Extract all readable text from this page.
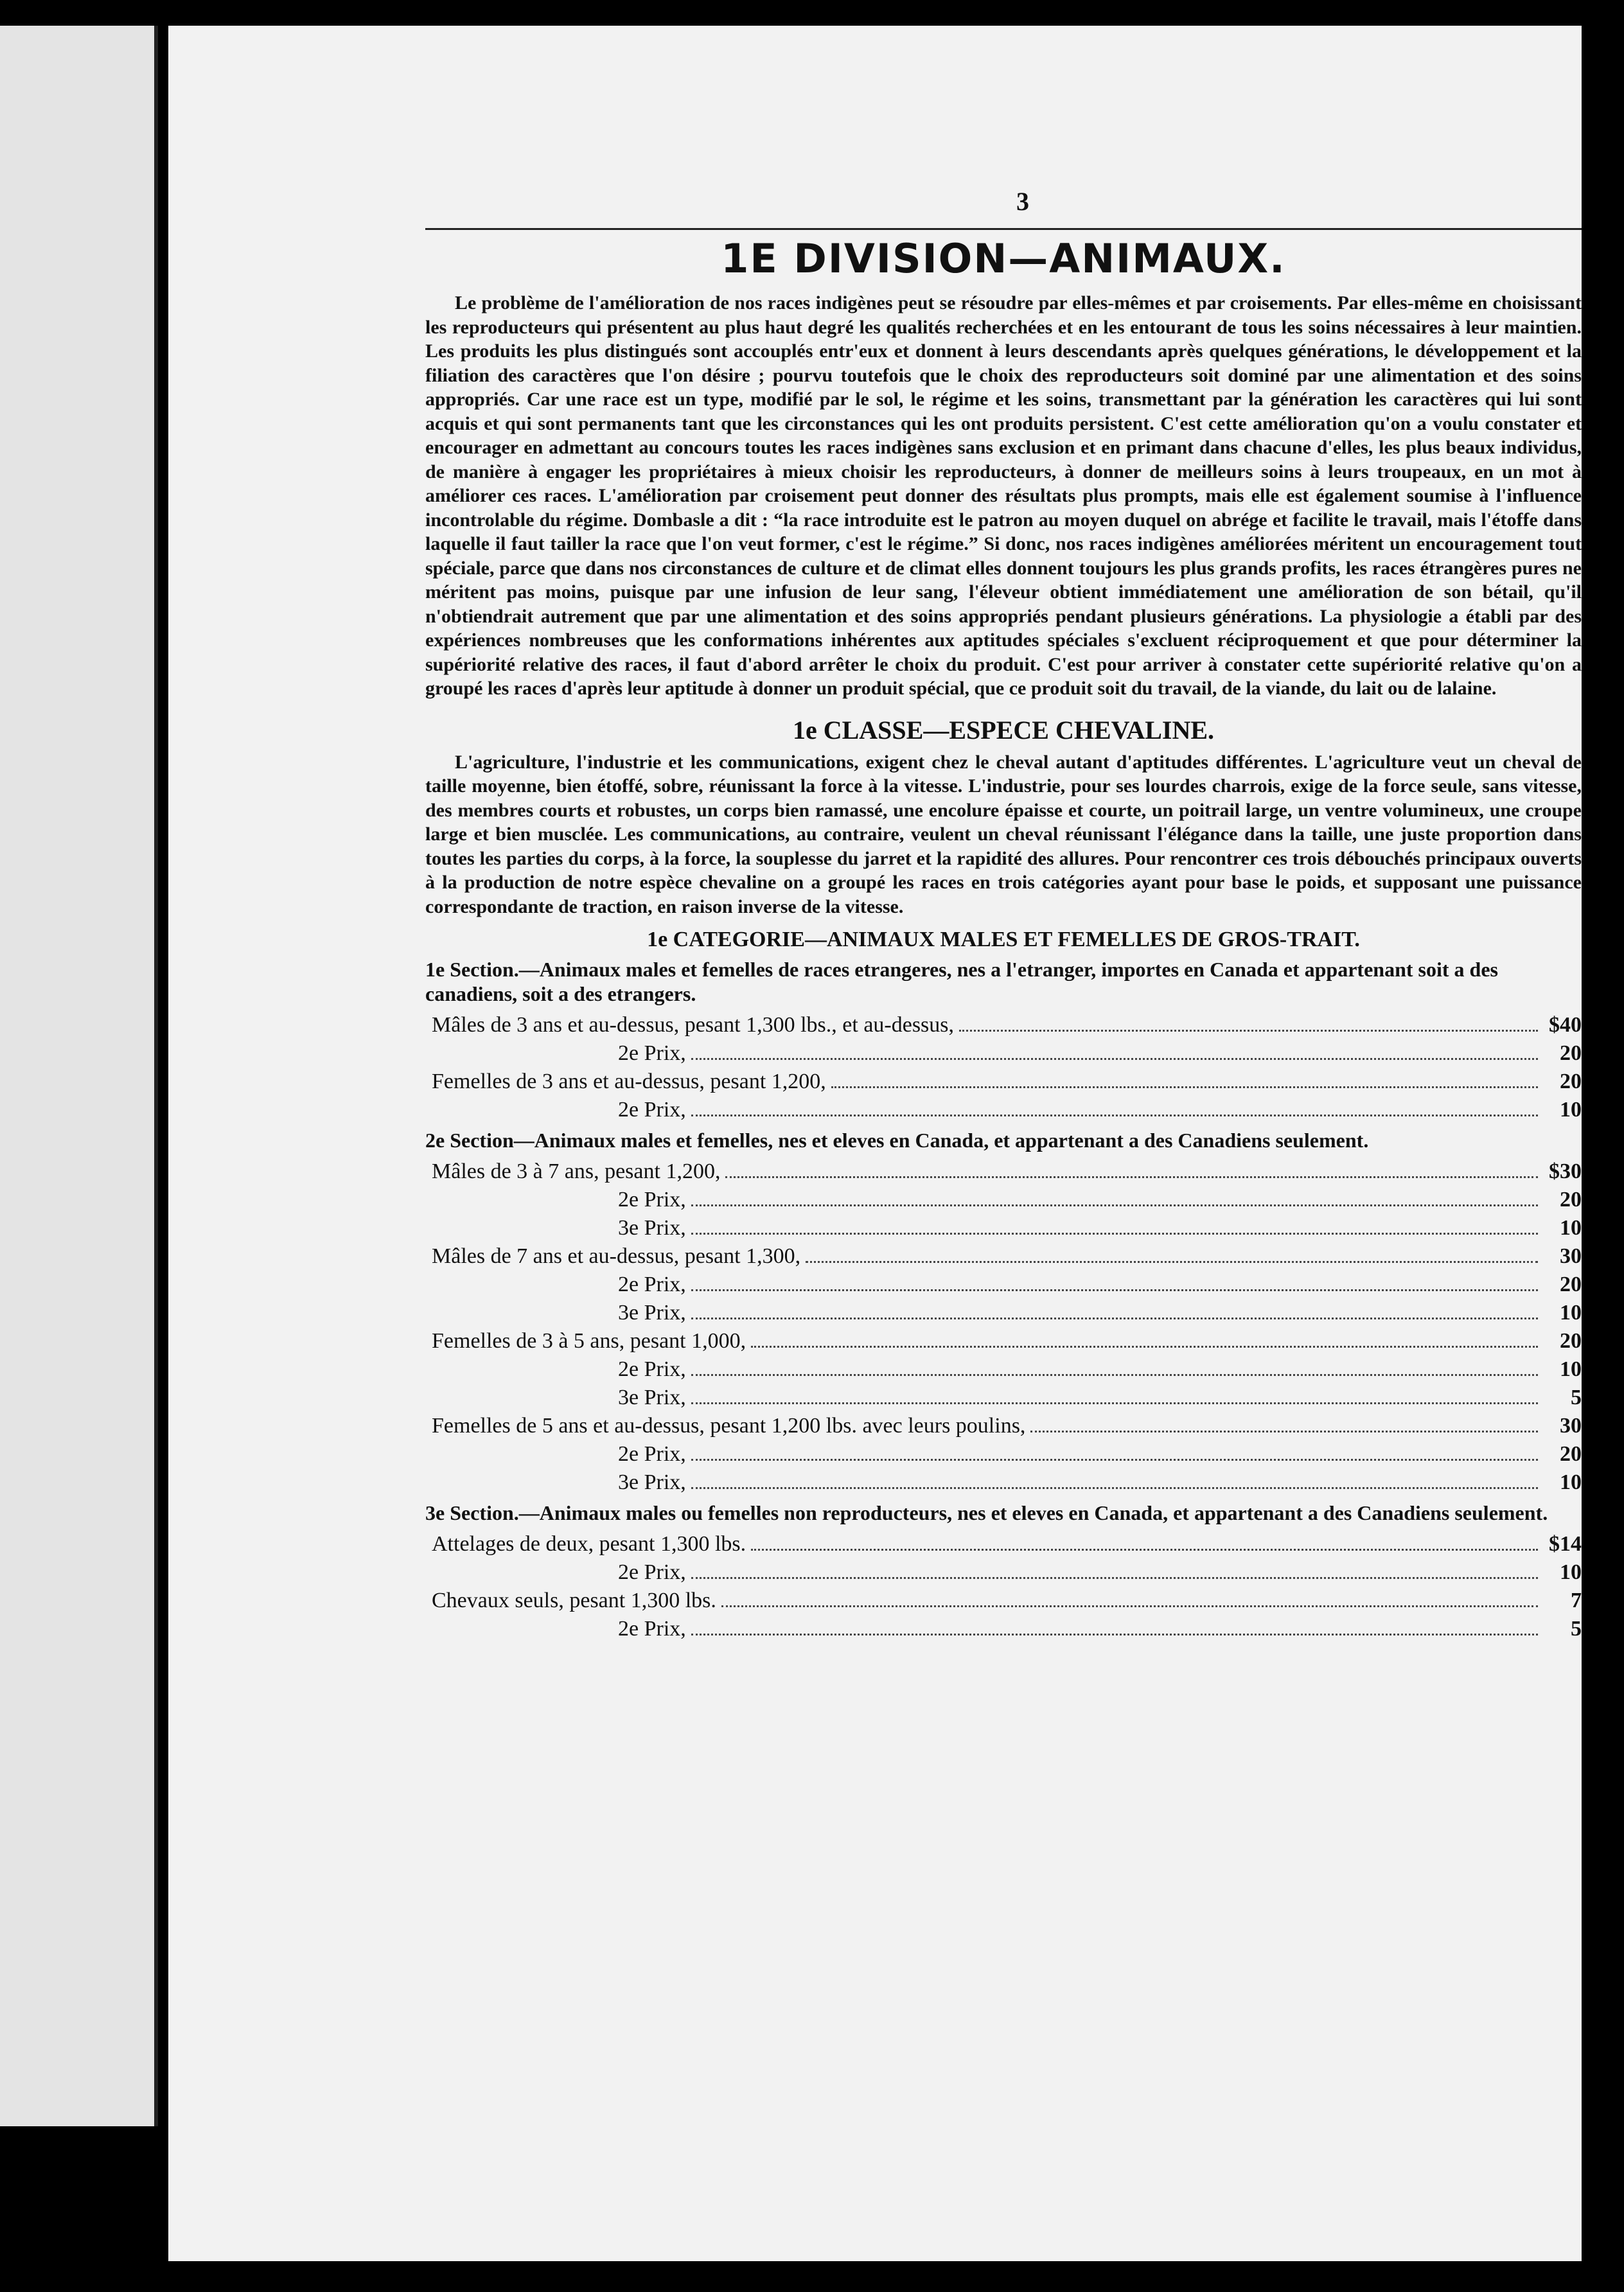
3
1E DIVISION—ANIMAUX.

Le problème de l'amélioration de nos races indigènes peut se résoudre par elles-mêmes et par croisements. Par elles-même en choisissant les reproducteurs qui présentent au plus haut degré les qualités recherchées et en les entourant de tous les soins nécessaires à leur maintien. Les produits les plus distingués sont accouplés entr'eux et donnent à leurs descendants après quelques générations, le développement et la filiation des caractères que l'on désire ; pourvu toutefois que le choix des reproducteurs soit dominé par une alimentation et des soins appropriés. Car une race est un type, modifié par le sol, le régime et les soins, transmettant par la génération les caractères qui lui sont acquis et qui sont permanents tant que les circonstances qui les ont produits persistent. C'est cette amélioration qu'on a voulu constater et encourager en admettant au concours toutes les races indigènes sans exclusion et en primant dans chacune d'elles, les plus beaux individus, de manière à engager les propriétaires à mieux choisir les reproducteurs, à donner de meilleurs soins à leurs troupeaux, en un mot à améliorer ces races. L'amélioration par croisement peut donner des résultats plus prompts, mais elle est également soumise à l'influence incontrolable du régime. Dombasle a dit : “la race introduite est le patron au moyen duquel on abrége et facilite le travail, mais l'étoffe dans laquelle il faut tailler la race que l'on veut former, c'est le régime.” Si donc, nos races indigènes améliorées méritent un encouragement tout spéciale, parce que dans nos circonstances de culture et de climat elles donnent toujours les plus grands profits, les races étrangères pures ne méritent pas moins, puisque par une infusion de leur sang, l'éleveur obtient immédiatement une amélioration de son bétail, qu'il n'obtiendrait autrement que par une alimentation et des soins appropriés pendant plusieurs générations. La physiologie a établi par des expériences nombreuses que les conformations inhérentes aux aptitudes spéciales s'excluent réciproquement et que pour déterminer la supériorité relative des races, il faut d'abord arrêter le choix du produit. C'est pour arriver à constater cette supériorité relative qu'on a groupé les races d'après leur aptitude à donner un produit spécial, que ce produit soit du travail, de la viande, du lait ou de lalaine.

1e CLASSE—ESPECE CHEVALINE.

L'agriculture, l'industrie et les communications, exigent chez le cheval autant d'aptitudes différentes. L'agriculture veut un cheval de taille moyenne, bien étoffé, sobre, réunissant la force à la vitesse. L'industrie, pour ses lourdes charrois, exige de la force seule, sans vitesse, des membres courts et robustes, un corps bien ramassé, une encolure épaisse et courte, un poitrail large, un ventre volumineux, une croupe large et bien musclée. Les communications, au contraire, veulent un cheval réunissant l'élégance dans la taille, une juste proportion dans toutes les parties du corps, à la force, la souplesse du jarret et la rapidité des allures. Pour rencontrer ces trois débouchés principaux ouverts à la production de notre espèce chevaline on a groupé les races en trois catégories ayant pour base le poids, et supposant une puissance correspondante de traction, en raison inverse de la vitesse.

1e CATEGORIE—ANIMAUX MALES ET FEMELLES DE GROS-TRAIT.
1e Section.—Animaux males et femelles de races etrangeres, nes a l'etranger, importes en Canada et appartenant soit a des canadiens, soit a des etrangers.
Mâles de 3 ans et au-dessus, pesant 1,300 lbs., et au-dessus,	$40
2e Prix,	20
Femelles de 3 ans et au-dessus, pesant 1,200,	20
2e Prix,	10
2e Section—Animaux males et femelles, nes et eleves en Canada, et appartenant a des Canadiens seulement.
Mâles de 3 à 7 ans, pesant 1,200,	$30
2e Prix,	20
3e Prix,	10
Mâles de 7 ans et au-dessus, pesant 1,300,	30
2e Prix,	20
3e Prix,	10
Femelles de 3 à 5 ans, pesant 1,000,	20
2e Prix,	10
3e Prix,	5
Femelles de 5 ans et au-dessus, pesant 1,200 lbs. avec leurs poulins,	30
2e Prix,	20
3e Prix,	10
3e Section.—Animaux males ou femelles non reproducteurs, nes et eleves en Canada, et appartenant a des Canadiens seulement.
Attelages de deux, pesant 1,300 lbs.	$14
2e Prix,	10
Chevaux seuls, pesant 1,300 lbs.	7
2e Prix,	5
